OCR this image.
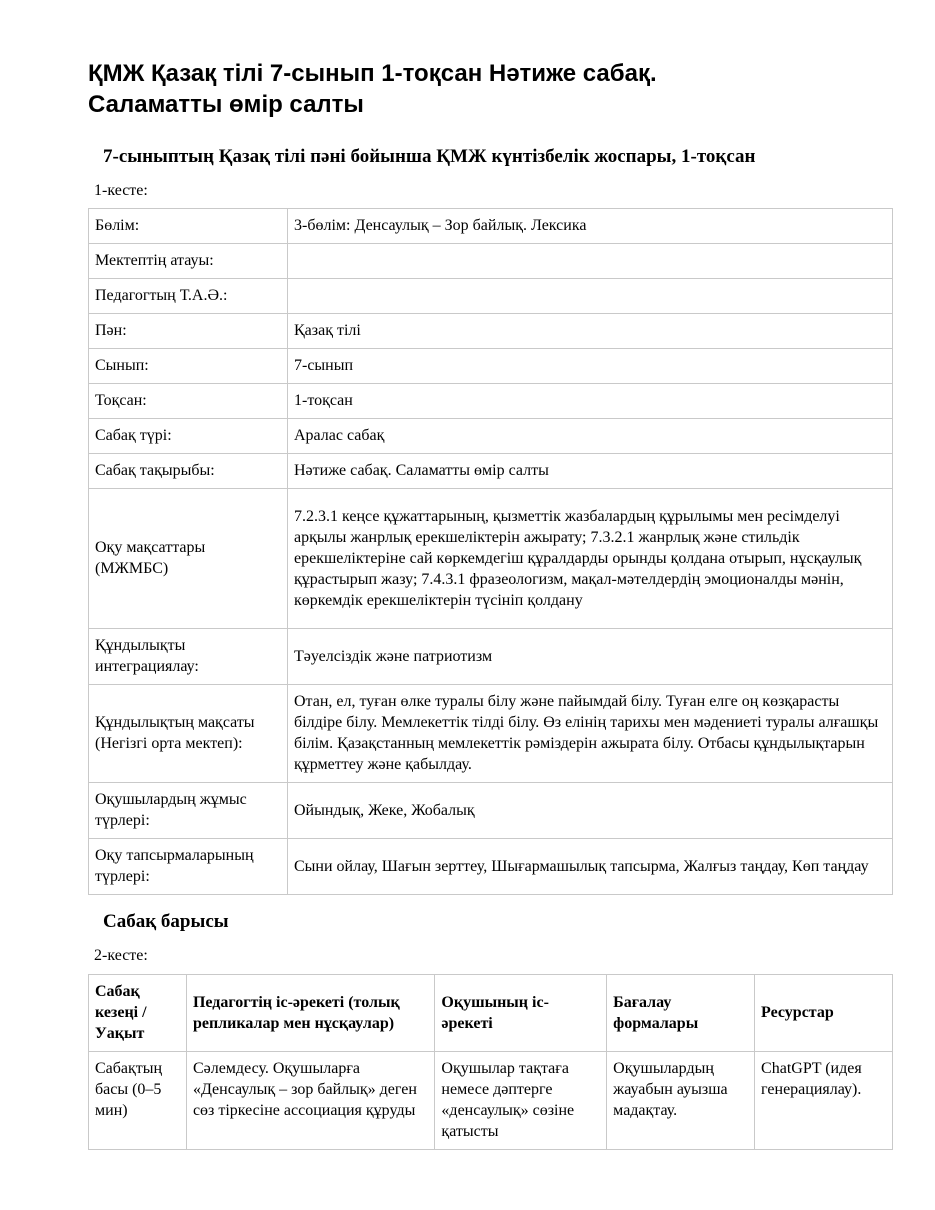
ҚМЖ Қазақ тілі 7-сынып 1-тоқсан Нәтиже сабақ.
Саламатты өмір салты
7-сыныптың Қазақ тілі пәні бойынша ҚМЖ күнтізбелік жоспары, 1-тоқсан
1-кесте:
Бөлім:	3-бөлім: Денсаулық – Зор байлық. Лексика
Мектептің атауы:	
Педагогтың Т.А.Ә.:	
Пән:	Қазақ тілі
Сынып:	7-сынып
Тоқсан:	1-тоқсан
Сабақ түрі:	Аралас сабақ
Сабақ тақырыбы:	Нәтиже сабақ. Саламатты өмір салты
Оқу мақсаттары (МЖМБС)	7.2.3.1 кеңсе құжаттарының, қызметтік жазбалардың құрылымы мен ресімделуі арқылы жанрлық ерекшеліктерін ажырату; 7.3.2.1 жанрлық және стильдік ерекшеліктеріне сай көркемдегіш құралдарды орынды қолдана отырып, нұсқаулық құрастырып жазу; 7.4.3.1 фразеологизм, мақал-мәтелдердің эмоционалды мәнін, көркемдік ерекшеліктерін түсініп қолдану
Құндылықты интеграциялау:	Тәуелсіздік және патриотизм
Құндылықтың мақсаты (Негізгі орта мектеп):	Отан, ел, туған өлке туралы білу және пайымдай білу. Туған елге оң көзқарасты білдіре білу. Мемлекеттік тілді білу. Өз елінің тарихы мен мәдениеті туралы алғашқы білім. Қазақстанның мемлекеттік рәміздерін ажырата білу. Отбасы құндылықтарын құрметтеу және қабылдау.
Оқушылардың жұмыс түрлері:	Ойындық, Жеке, Жобалық
Оқу тапсырмаларының түрлері:	Сыни ойлау, Шағын зерттеу, Шығармашылық тапсырма, Жалғыз таңдау, Көп таңдау
Сабақ барысы
2-кесте:
Сабақ кезеңі / Уақыт	Педагогтің іс-әрекеті (толық репликалар мен нұсқаулар)	Оқушының іс-әрекеті	Бағалау формалары	Ресурстар
Сабақтың басы (0–5 мин)	Сәлемдесу. Оқушыларға «Денсаулық – зор байлық» деген сөз тіркесіне ассоциация құруды	Оқушылар тақтаға немесе дәптерге «денсаулық» сөзіне қатысты	Оқушылардың жауабын ауызша мадақтау.	ChatGPT (идея генерациялау).
